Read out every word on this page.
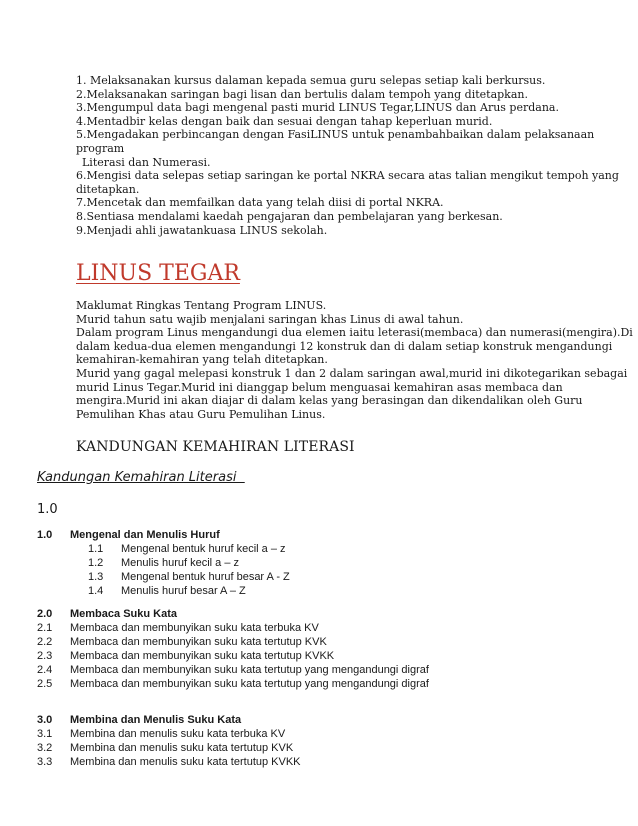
1. Melaksanakan kursus dalaman kepada semua guru selepas setiap kali berkursus.
2.Melaksanakan saringan bagi lisan dan bertulis dalam tempoh yang ditetapkan.
3.Mengumpul data bagi mengenal pasti murid LINUS Tegar,LINUS dan Arus perdana.
4.Mentadbir kelas dengan baik dan sesuai dengan tahap keperluan murid.
5.Mengadakan perbincangan dengan FasiLINUS untuk penambahbaikan dalam pelaksanaan
program
Literasi dan Numerasi.
6.Mengisi data selepas setiap saringan ke portal NKRA secara atas talian mengikut tempoh yang
ditetapkan.
7.Mencetak dan memfailkan data yang telah diisi di portal NKRA.
8.Sentiasa mendalami kaedah pengajaran dan pembelajaran yang berkesan.
9.Menjadi ahli jawatankuasa LINUS sekolah.
LINUS TEGAR
Maklumat Ringkas Tentang Program LINUS.
Murid tahun satu wajib menjalani saringan khas Linus di awal tahun.
Dalam program Linus mengandungi dua elemen iaitu leterasi(membaca) dan numerasi(mengira).Di
dalam kedua-dua elemen mengandungi 12 konstruk dan di dalam setiap konstruk mengandungi
kemahiran-kemahiran yang telah ditetapkan.
Murid yang gagal melepasi konstruk 1 dan 2 dalam saringan awal,murid ini dikotegarikan sebagai
murid Linus Tegar.Murid ini dianggap belum menguasai kemahiran asas membaca dan
mengira.Murid ini akan diajar di dalam kelas yang berasingan dan dikendalikan oleh Guru
Pemulihan Khas atau Guru Pemulihan Linus.
KANDUNGAN KEMAHIRAN LITERASI
Kandungan Kemahiran Literasi
1.0
1.0 Mengenal dan Menulis Huruf
1.1 Mengenal bentuk huruf kecil a – z
1.2 Menulis huruf kecil a – z
1.3 Mengenal bentuk huruf besar A - Z
1.4 Menulis huruf besar A – Z
2.0 Membaca Suku Kata
2.1 Membaca dan membunyikan suku kata terbuka KV
2.2 Membaca dan membunyikan suku kata tertutup KVK
2.3 Membaca dan membunyikan suku kata tertutup KVKK
2.4 Membaca dan membunyikan suku kata tertutup yang mengandungi digraf
2.5 Membaca dan membunyikan suku kata tertutup yang mengandungi digraf
3.0 Membina dan Menulis Suku Kata
3.1 Membina dan menulis suku kata terbuka KV
3.2 Membina dan menulis suku kata tertutup KVK
3.3 Membina dan menulis suku kata tertutup KVKK
